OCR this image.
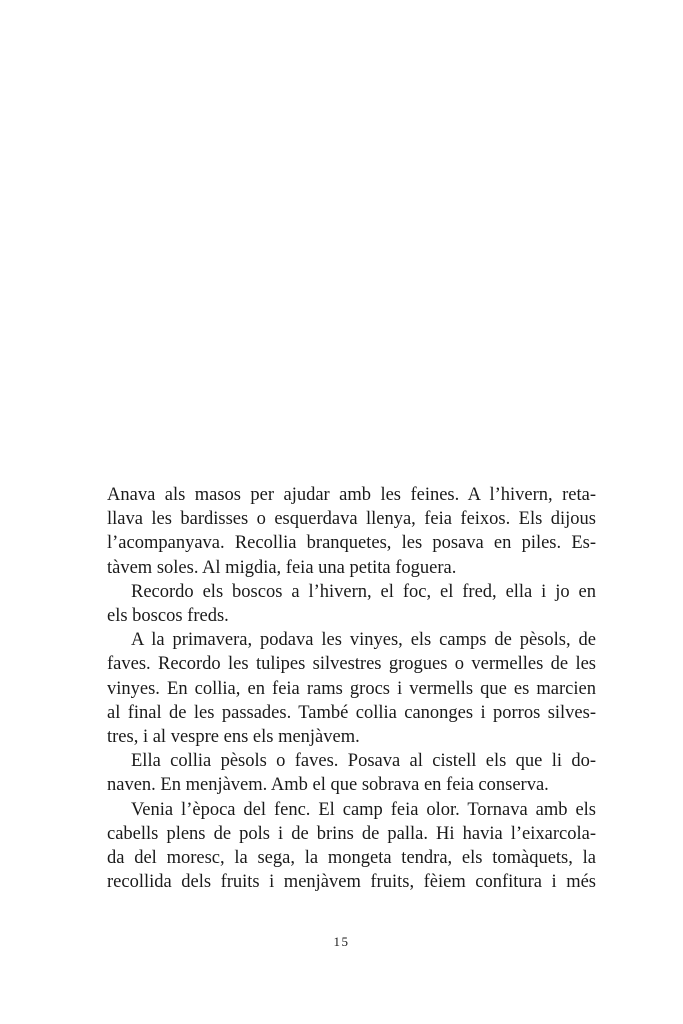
Anava als masos per ajudar amb les feines. A l’hivern, reta-
llava les bardisses o esquerdava llenya, feia feixos. Els dijous
l’acompanyava. Recollia branquetes, les posava en piles. Es-
tàvem soles. Al migdia, feia una petita foguera.
Recordo els boscos a l’hivern, el foc, el fred, ella i jo en
els boscos freds.
A la primavera, podava les vinyes, els camps de pèsols, de
faves. Recordo les tulipes silvestres grogues o vermelles de les
vinyes. En collia, en feia rams grocs i vermells que es marcien
al final de les passades. També collia canonges i porros silves-
tres, i al vespre ens els menjàvem.
Ella collia pèsols o faves. Posava al cistell els que li do-
naven. En menjàvem. Amb el que sobrava en feia conserva.
Venia l’època del fenc. El camp feia olor. Tornava amb els
cabells plens de pols i de brins de palla. Hi havia l’eixarcola-
da del moresc, la sega, la mongeta tendra, els tomàquets, la
recollida dels fruits i menjàvem fruits, fèiem confitura i més
15
